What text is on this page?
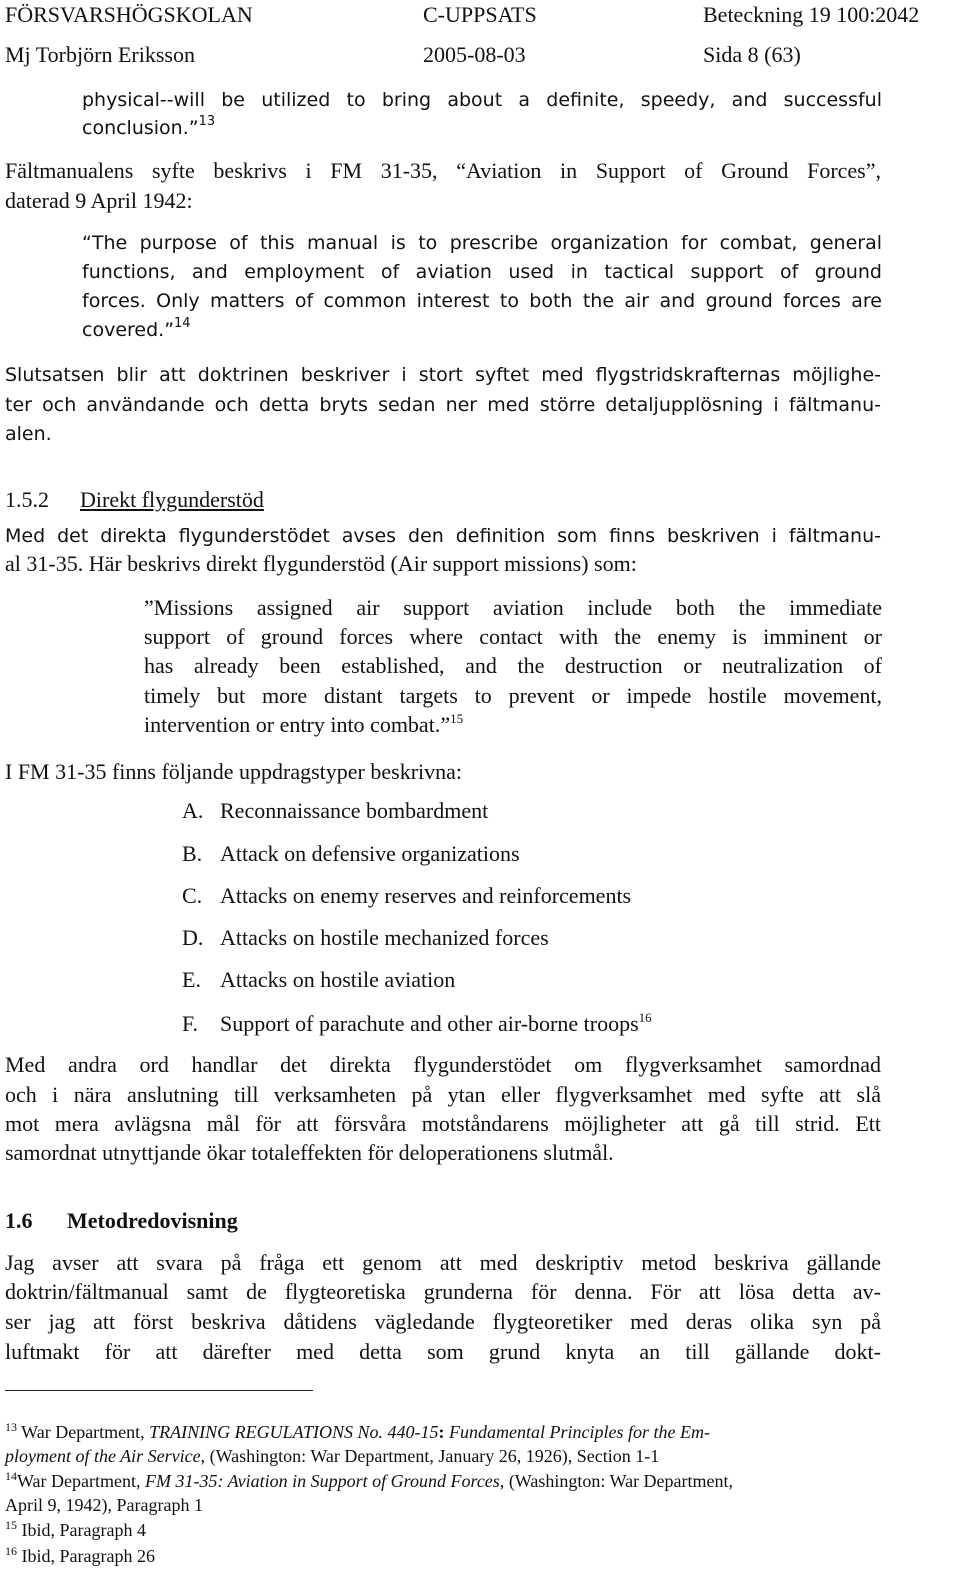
FÖRSVARSHÖGSKOLAN	C-UPPSATS	Beteckning 19 100:2042
Mj Torbjörn Eriksson	2005-08-03	Sida 8 (63)
physical--will be utilized to bring about a definite, speedy, and successful
conclusion.”$^{13}$
Fältmanualens syfte beskrivs i FM 31-35, “Aviation in Support of Ground Forces”,
daterad 9 April 1942:
“The purpose of this manual is to prescribe organization for combat, general
functions, and employment of aviation used in tactical support of ground
forces. Only matters of common interest to both the air and ground forces are
covered.”$^{14}$
Slutsatsen blir att doktrinen beskriver i stort syftet med flygstridskrafternas möjlighe-
ter och användande och detta bryts sedan ner med större detaljupplösning i fältmanu-
alen.
1.5.2 Direkt flygunderstöd
Med det direkta flygunderstödet avses den definition som finns beskriven i fältmanu-
al 31-35. Här beskrivs direkt flygunderstöd (Air support missions) som:
”Missions assigned air support aviation include both the immediate
support of ground forces where contact with the enemy is imminent or
has already been established, and the destruction or neutralization of
timely but more distant targets to prevent or impede hostile movement,
intervention or entry into combat.”$^{15}$
I FM 31-35 finns följande uppdragstyper beskrivna:
A. Reconnaissance bombardment
B. Attack on defensive organizations
C. Attacks on enemy reserves and reinforcements
D. Attacks on hostile mechanized forces
E. Attacks on hostile aviation
F. Support of parachute and other air-borne troops$^{16}$
Med andra ord handlar det direkta flygunderstödet om flygverksamhet samordnad
och i nära anslutning till verksamheten på ytan eller flygverksamhet med syfte att slå
mot mera avlägsna mål för att försvåra motståndarens möjligheter att gå till strid. Ett
samordnat utnyttjande ökar totaleffekten för deloperationens slutmål.
1.6 Metodredovisning
Jag avser att svara på fråga ett genom att med deskriptiv metod beskriva gällande
doktrin/fältmanual samt de flygteoretiska grunderna för denna. För att lösa detta av-
ser jag att först beskriva dåtidens vägledande flygteoretiker med deras olika syn på
luftmakt för att därefter med detta som grund knyta an till gällande dokt-
$^{13}$ War Department, TRAINING REGULATIONS No. 440-15: Fundamental Principles for the Em-
ployment of the Air Service, (Washington: War Department, January 26, 1926), Section 1-1
$^{14}$War Department, FM 31-35: Aviation in Support of Ground Forces, (Washington: War Department,
April 9, 1942), Paragraph 1
$^{15}$ Ibid, Paragraph 4
$^{16}$ Ibid, Paragraph 26
